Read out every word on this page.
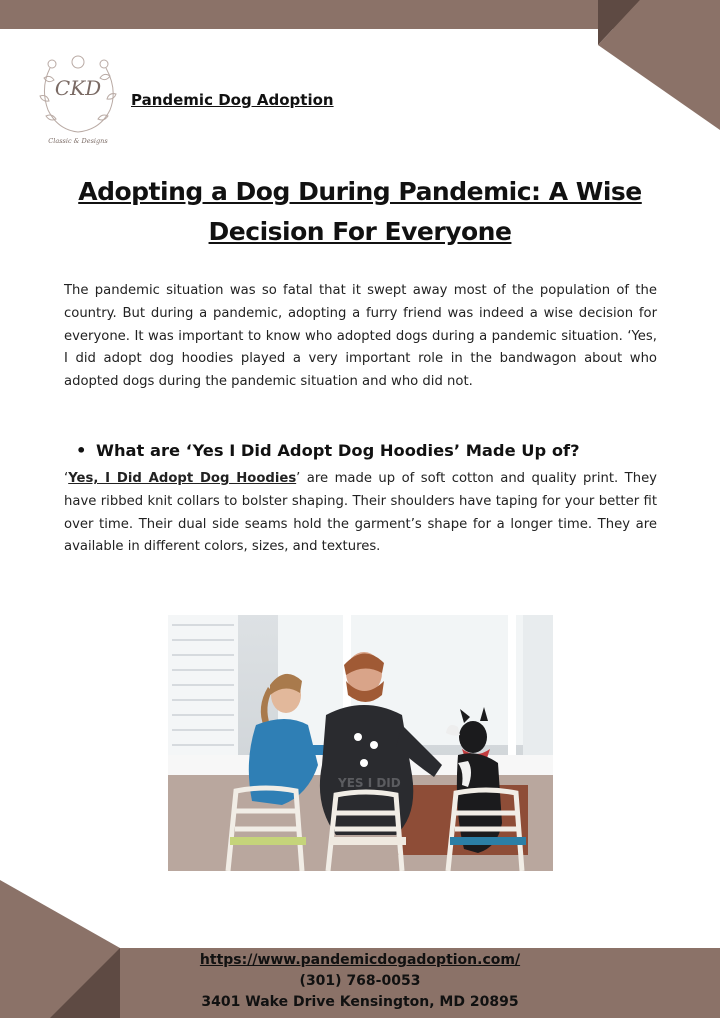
CKD
Classic & Designs
Pandemic Dog Adoption
Adopting a Dog During Pandemic: A Wise
Decision For Everyone
The pandemic situation was so fatal that it swept away most of the population of the country. But during a pandemic, adopting a furry friend was indeed a wise decision for everyone. It was important to know who adopted dogs during a pandemic situation. ‘Yes, I did adopt dog hoodies played a very important role in the bandwagon about who adopted dogs during the pandemic situation and who did not.
• What are ‘Yes I Did Adopt Dog Hoodies’ Made Up of?
‘Yes, I Did Adopt Dog Hoodies’ are made up of soft cotton and quality print. They have ribbed knit collars to bolster shaping. Their shoulders have taping for your better fit over time. Their dual side seams hold the garment’s shape for a longer time. They are available in different colors, sizes, and textures.
YES I DID
https://www.pandemicdogadoption.com/
(301) 768-0053
3401 Wake Drive Kensington, MD 20895
